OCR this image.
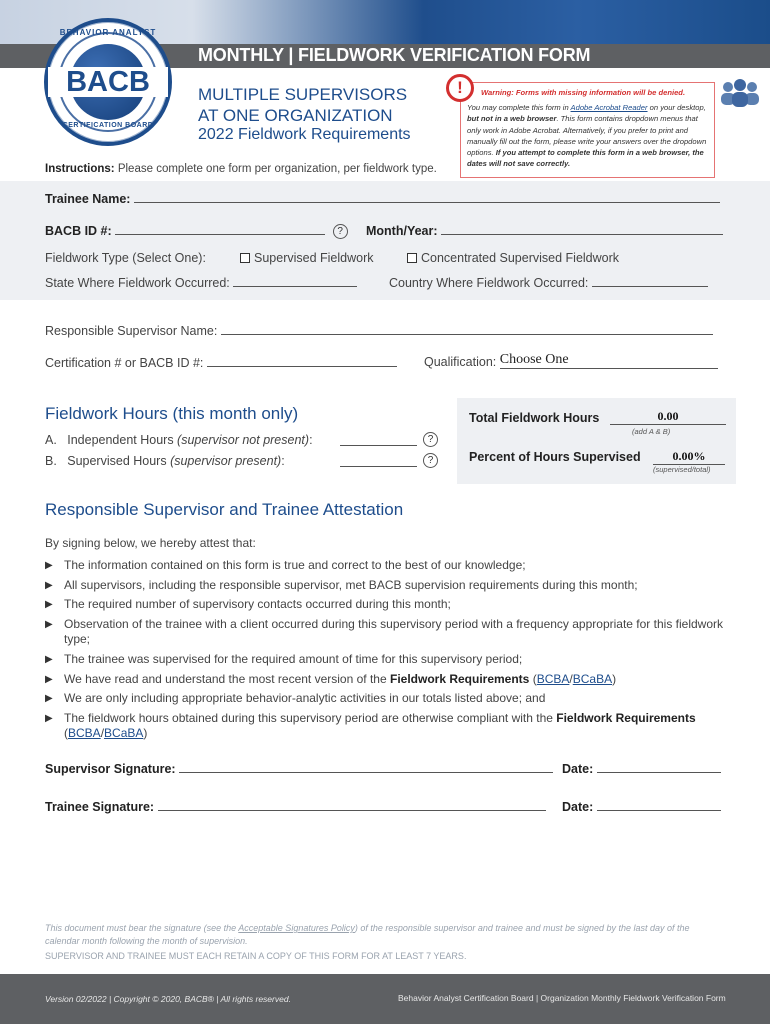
MONTHLY | FIELDWORK VERIFICATION FORM
BEHAVIOR ANALYST
BACB
CERTIFICATION BOARD
MULTIPLE SUPERVISORS
AT ONE ORGANIZATION
2022 Fieldwork Requirements
Warning: Forms with missing information will be denied.
You may complete this form in Adobe Acrobat Reader on your desktop, but not in a web browser. This form contains dropdown menus that only work in Adobe Acrobat. Alternatively, if you prefer to print and manually fill out the form, please write your answers over the dropdown options. If you attempt to complete this form in a web browser, the dates will not save correctly.
!
Instructions: Please complete one form per organization, per fieldwork type.
Trainee Name:
BACB ID #:	?	Month/Year:
Fieldwork Type (Select One):	Supervised Fieldwork	Concentrated Supervised Fieldwork
State Where Fieldwork Occurred:	Country Where Fieldwork Occurred:
Responsible Supervisor Name:
Certification # or BACB ID #:	Qualification: Choose One
Fieldwork Hours (this month only)
A. Independent Hours (supervisor not present):	?
B. Supervised Hours (supervisor present):	?
Total Fieldwork Hours	0.00
(add A & B)
Percent of Hours Supervised	0.00%
(supervised/total)
Responsible Supervisor and Trainee Attestation
By signing below, we hereby attest that:
▶ The information contained on this form is true and correct to the best of our knowledge;
▶ All supervisors, including the responsible supervisor, met BACB supervision requirements during this month;
▶ The required number of supervisory contacts occurred during this month;
▶ Observation of the trainee with a client occurred during this supervisory period with a frequency appropriate for this fieldwork type;
▶ The trainee was supervised for the required amount of time for this supervisory period;
▶ We have read and understand the most recent version of the Fieldwork Requirements (BCBA/BCaBA)
▶ We are only including appropriate behavior-analytic activities in our totals listed above; and
▶ The fieldwork hours obtained during this supervisory period are otherwise compliant with the Fieldwork Requirements (BCBA/BCaBA)
Supervisor Signature:	Date:
Trainee Signature:	Date:
This document must bear the signature (see the Acceptable Signatures Policy) of the responsible supervisor and trainee and must be signed by the last day of the calendar month following the month of supervision.
SUPERVISOR AND TRAINEE MUST EACH RETAIN A COPY OF THIS FORM FOR AT LEAST 7 YEARS.
Version 02/2022 | Copyright © 2020, BACB® | All rights reserved.	Behavior Analyst Certification Board | Organization Monthly Fieldwork Verification Form
